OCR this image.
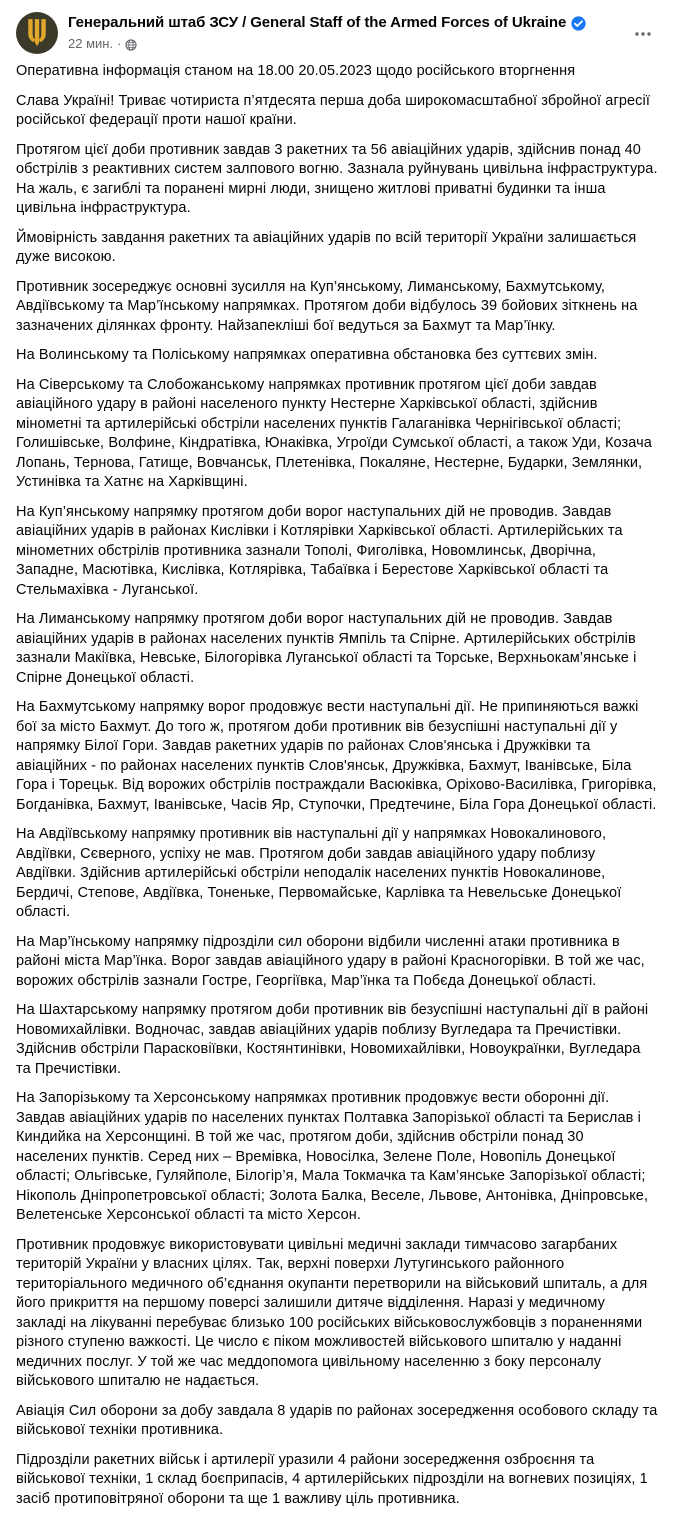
Генеральний штаб ЗСУ / General Staff of the Armed Forces of Ukraine
22 мин. ·

Оперативна інформація станом на 18.00 20.05.2023 щодо російського вторгнення

Слава Україні! Триває чотириста п’ятдесята перша доба широкомасштабної збройної агресії російської федерації проти нашої країни.

Протягом цієї доби противник завдав 3 ракетних та 56 авіаційних ударів, здійснив понад 40 обстрілів з реактивних систем залпового вогню. Зазнала руйнувань цивільна інфраструктура. На жаль, є загиблі та поранені мирні люди, знищено житлові приватні будинки та інша цивільна інфраструктура.

Ймовірність завдання ракетних та авіаційних ударів по всій території України залишається дуже високою.

Противник зосереджує основні зусилля на Куп’янському, Лиманському, Бахмутському, Авдіївському та Мар’їнському напрямках. Протягом доби відбулось 39 бойових зіткнень на зазначених ділянках фронту. Найзапекліші бої ведуться за Бахмут та Мар’їнку.

На Волинському та Поліському напрямках оперативна обстановка без суттєвих змін.

На Сіверському та Слобожанському напрямках противник протягом цієї доби завдав авіаційного удару в районі населеного пункту Нестерне Харківської області, здійснив мінометні та артилерійські обстріли населених пунктів Галаганівка Чернігівської області; Голишівське, Волфине, Кіндратівка, Юнаківка, Угроїди Сумської області, а також Уди, Козача Лопань, Тернова, Гатище, Вовчанськ, Плетенівка, Покаляне, Нестерне, Бударки, Землянки, Устинівка та Хатнє на Харківщині.

На Куп’янському напрямку протягом доби ворог наступальних дій не проводив. Завдав авіаційних ударів в районах Кислівки і Котлярівки Харківської області. Артилерійських та мінометних обстрілів противника зазнали Тополі, Фиголівка, Новомлинськ, Дворічна, Западне, Масютівка, Кислівка, Котлярівка, Табаївка і Берестове Харківської області та Стельмахівка - Луганської.

На Лиманському напрямку протягом доби ворог наступальних дій не проводив. Завдав авіаційних ударів в районах населених пунктів Ямпіль та Спірне. Артилерійських обстрілів зазнали Макіївка, Невське, Білогорівка Луганської області та Торське, Верхньокам’янське і Спірне Донецької області.

На Бахмутському напрямку ворог продовжує вести наступальні дії. Не припиняються важкі бої за місто Бахмут. До того ж, протягом доби противник вів безуспішні наступальні дії у напрямку Білої Гори. Завдав ракетних ударів по районах Слов'янська і Дружківки та авіаційних - по районах населених пунктів Слов'янськ, Дружківка, Бахмут, Іванівське, Біла Гора і Торецьк. Від ворожих обстрілів постраждали Васюківка, Оріхово-Василівка, Григорівка, Богданівка, Бахмут, Іванівське, Часів Яр, Ступочки, Предтечине, Біла Гора Донецької області.

На Авдіївському напрямку противник вів наступальні дії у напрямках Новокалинового, Авдіївки, Сєверного, успіху не мав. Протягом доби завдав авіаційного удару поблизу Авдіївки. Здійснив артилерійські обстріли неподалік населених пунктів Новокалинове, Бердичі, Степове, Авдіївка, Тоненьке, Первомайське, Карлівка та Невельське Донецької області.

На Мар’їнському напрямку підрозділи сил оборони відбили численні атаки противника в районі міста Мар’їнка. Ворог завдав авіаційного удару в районі Красногорівки. В той же час, ворожих обстрілів зазнали Гостре, Георгіївка, Мар’їнка та Побєда Донецької області.

На Шахтарському напрямку протягом доби противник вів безуспішні наступальні дії в районі Новомихайлівки. Водночас, завдав авіаційних ударів поблизу Вугледара та Пречистівки. Здійснив обстріли Парасковіївки, Костянтинівки, Новомихайлівки, Новоукраїнки, Вугледара та Пречистівки.

На Запорізькому та Херсонському напрямках противник продовжує вести оборонні дії. Завдав авіаційних ударів по населених пунктах Полтавка Запорізької області та Берислав і Киндийка на Херсонщині. В той же час, протягом доби, здійснив обстріли понад 30 населених пунктів. Серед них – Времівка, Новосілка, Зелене Поле, Новопіль Донецької області; Ольгівське, Гуляйполе, Білогір’я, Мала Токмачка та Кам’янське Запорізької області; Нікополь Дніпропетровської області; Золота Балка, Веселе, Львове, Антонівка, Дніпровське, Велетенське Херсонської області та місто Херсон.

Противник продовжує використовувати цивільні медичні заклади тимчасово загарбаних територій України у власних цілях. Так, верхні поверхи Лутугинського районного територіального медичного об’єднання окупанти перетворили на військовий шпиталь, а для його прикриття на першому поверсі залишили дитяче відділення. Наразі у медичному закладі на лікуванні перебуває близько 100 російських військовослужбовців з пораненнями різного ступеню важкості. Це число є піком можливостей військового шпиталю у наданні медичних послуг. У той же час меддопомога цивільному населенню з боку персоналу військового шпиталю не надається.

Авіація Сил оборони за добу завдала 8 ударів по районах зосередження особового складу та військової техніки противника.

Підрозділи ракетних військ і артилерії уразили 4 райони зосередження озброєння та військової техніки, 1 склад боєприпасів, 4 артилерійських підрозділи на вогневих позиціях, 1 засіб протиповітряної оборони та ще 1 важливу ціль противника.
